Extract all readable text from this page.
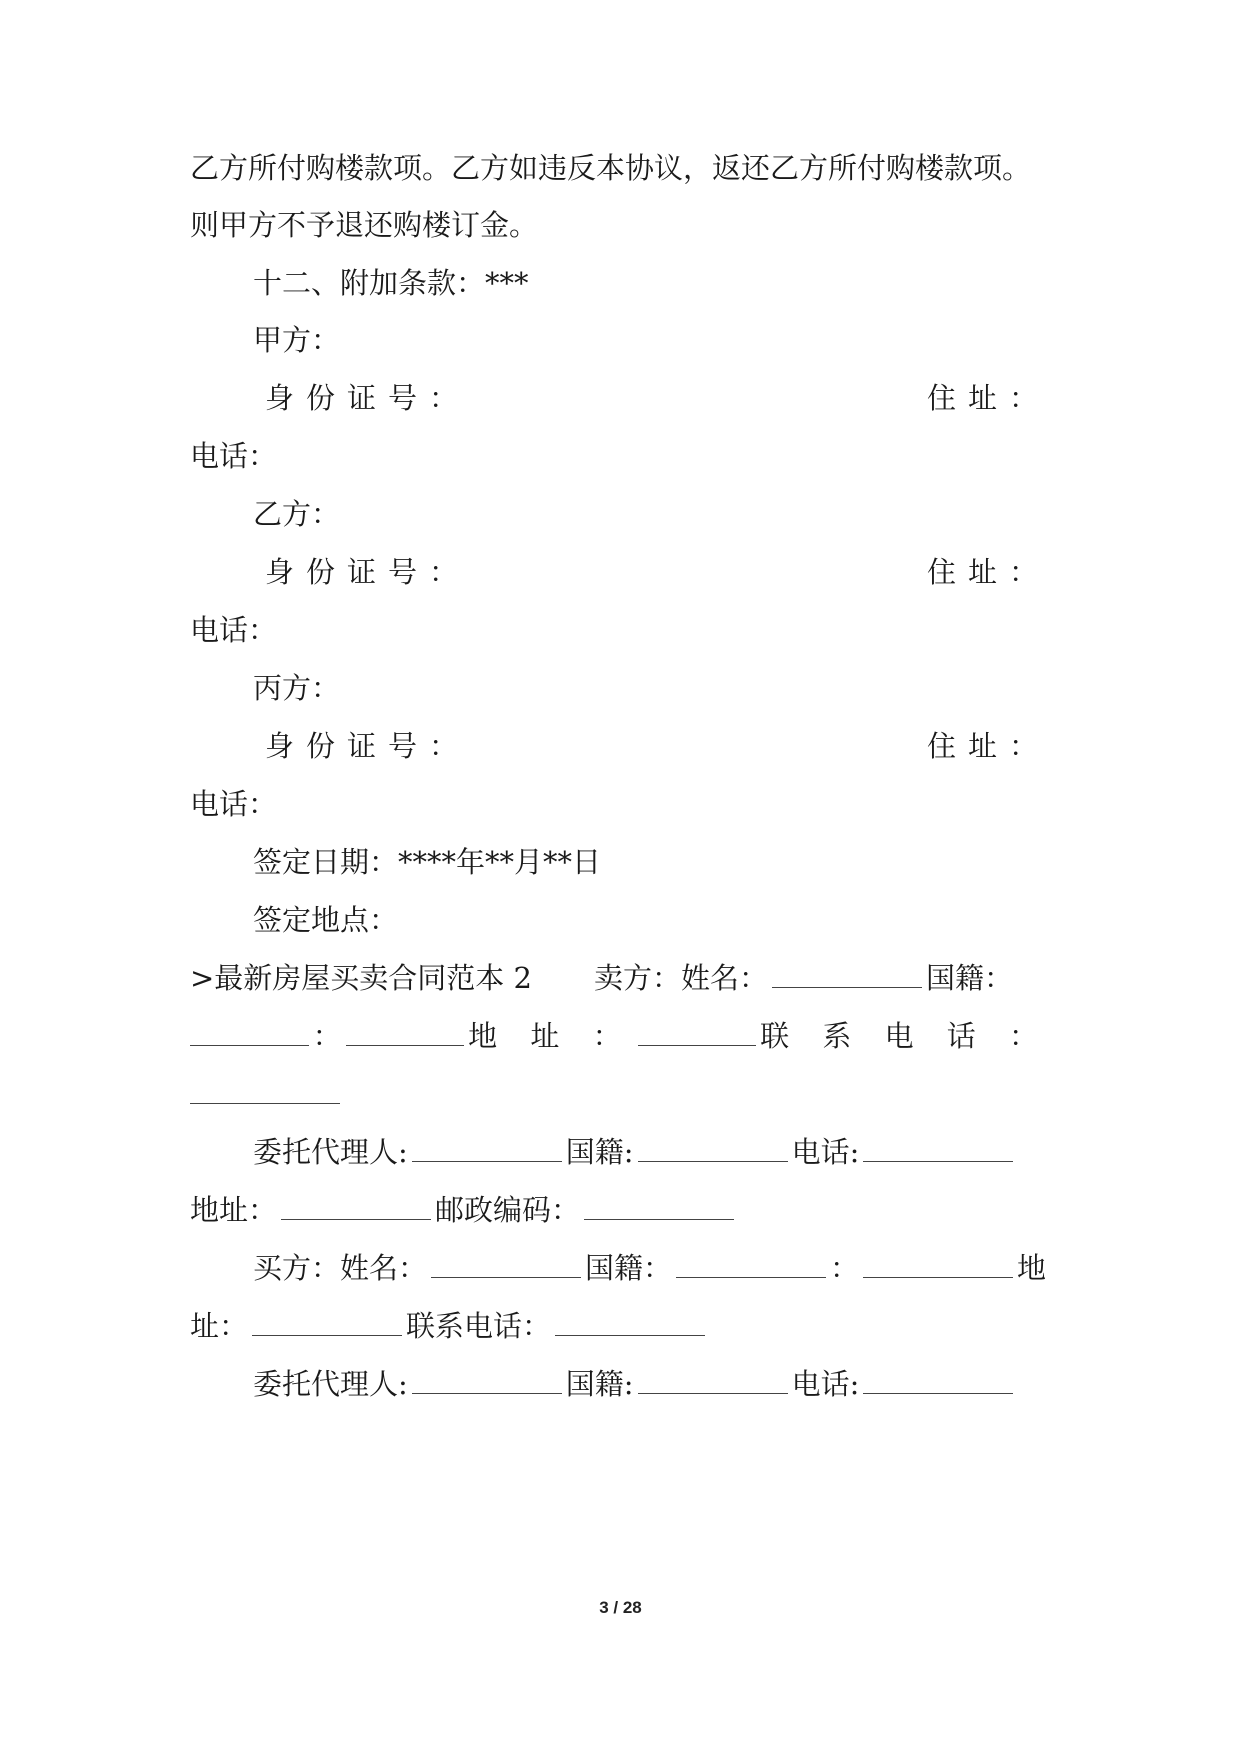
乙方所付购楼款项。乙方如违反本协议，返还乙方所付购楼款项。
则甲方不予退还购楼订金。
十二、附加条款：***
甲方：
身份证号：	住址：
电话：
乙方：
身份证号：	住址：
电话：
丙方：
身份证号：	住址：
电话：
签定日期：****年**月**日
签定地点：
>最新房屋买卖合同范本 2 卖方：姓名：	国籍：
：	地 址 ：	联 系 电 话 ：
委托代理人:	国籍:	电话:
地址：	邮政编码：
买方：姓名：	国籍：	：	地
址：	联系电话：
委托代理人:	国籍:	电话:
3 / 28
